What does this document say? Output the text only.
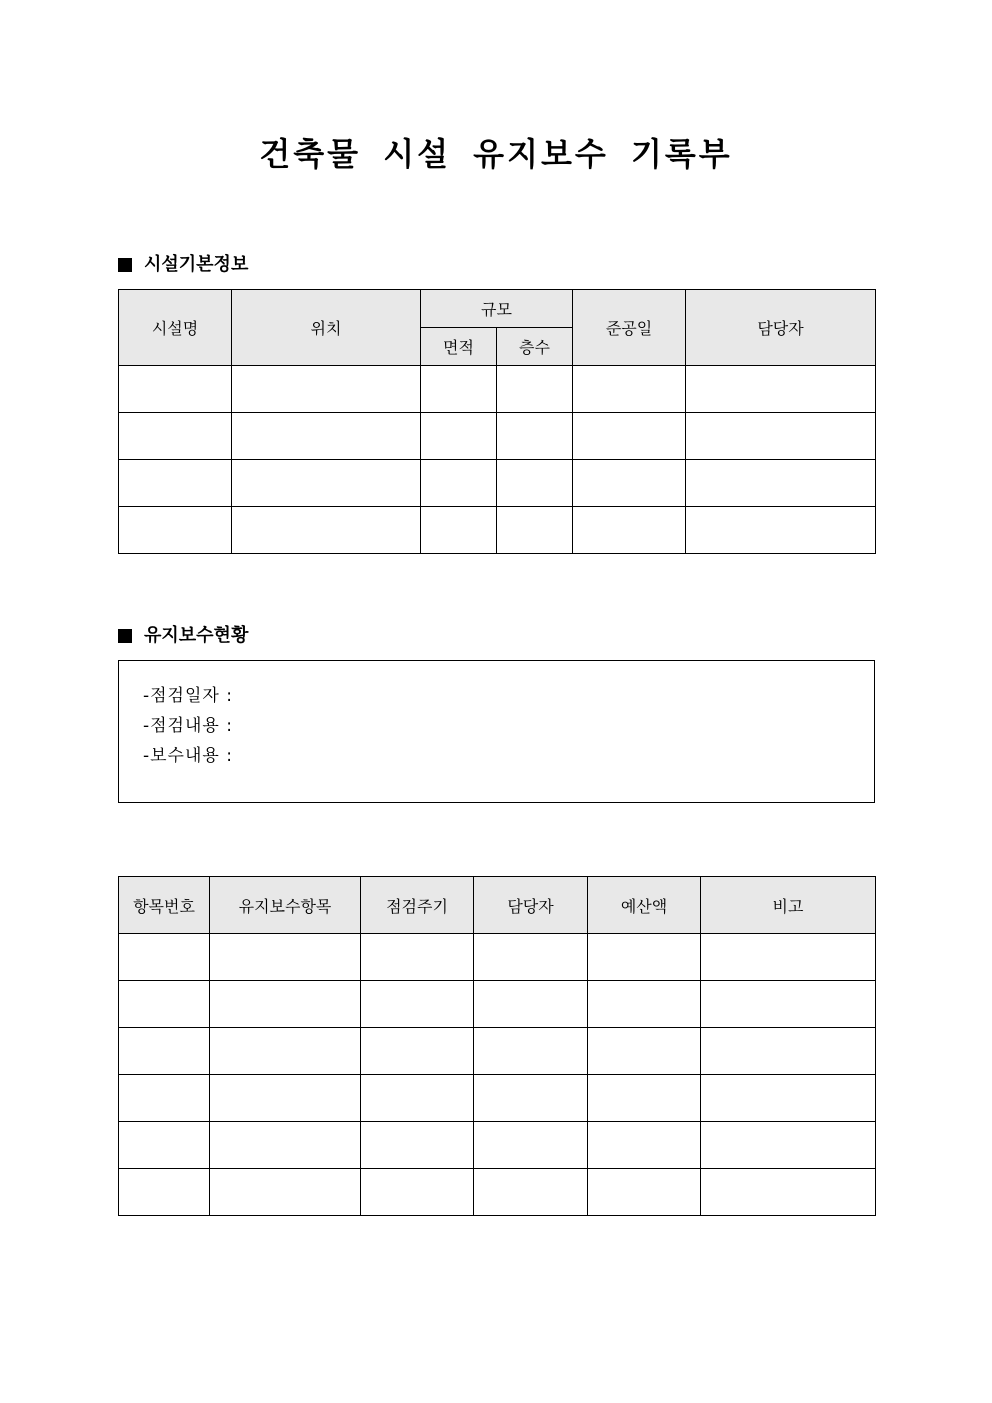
건축물 시설 유지보수 기록부
시설기본정보
시설명	위치	규모		준공일	담당자
		면적	층수		

유지보수현황
-점검일자 :
-점검내용 :
-보수내용 :
항목번호	유지보수항목	점검주기	담당자	예산액	비고
